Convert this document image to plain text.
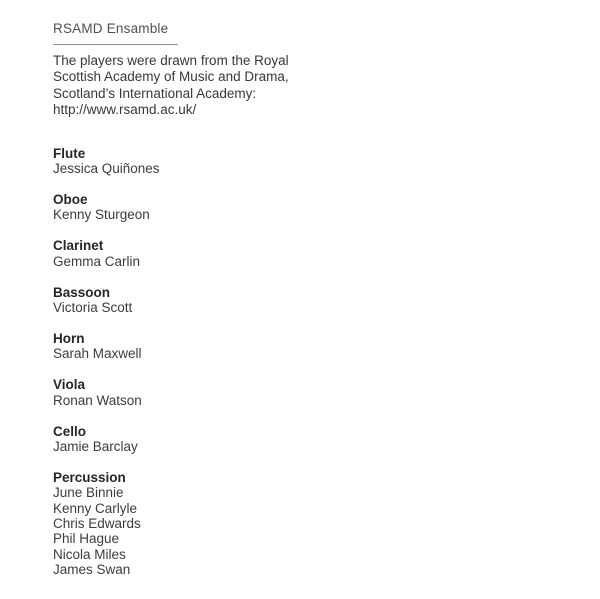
RSAMD Ensamble
The players were drawn from the Royal
Scottish Academy of Music and Drama,
Scotland’s International Academy:
http://www.rsamd.ac.uk/
Flute
Jessica Quiñones
Oboe
Kenny Sturgeon
Clarinet
Gemma Carlin
Bassoon
Victoria Scott
Horn
Sarah Maxwell
Viola
Ronan Watson
Cello
Jamie Barclay
Percussion
June Binnie
Kenny Carlyle
Chris Edwards
Phil Hague
Nicola Miles
James Swan
